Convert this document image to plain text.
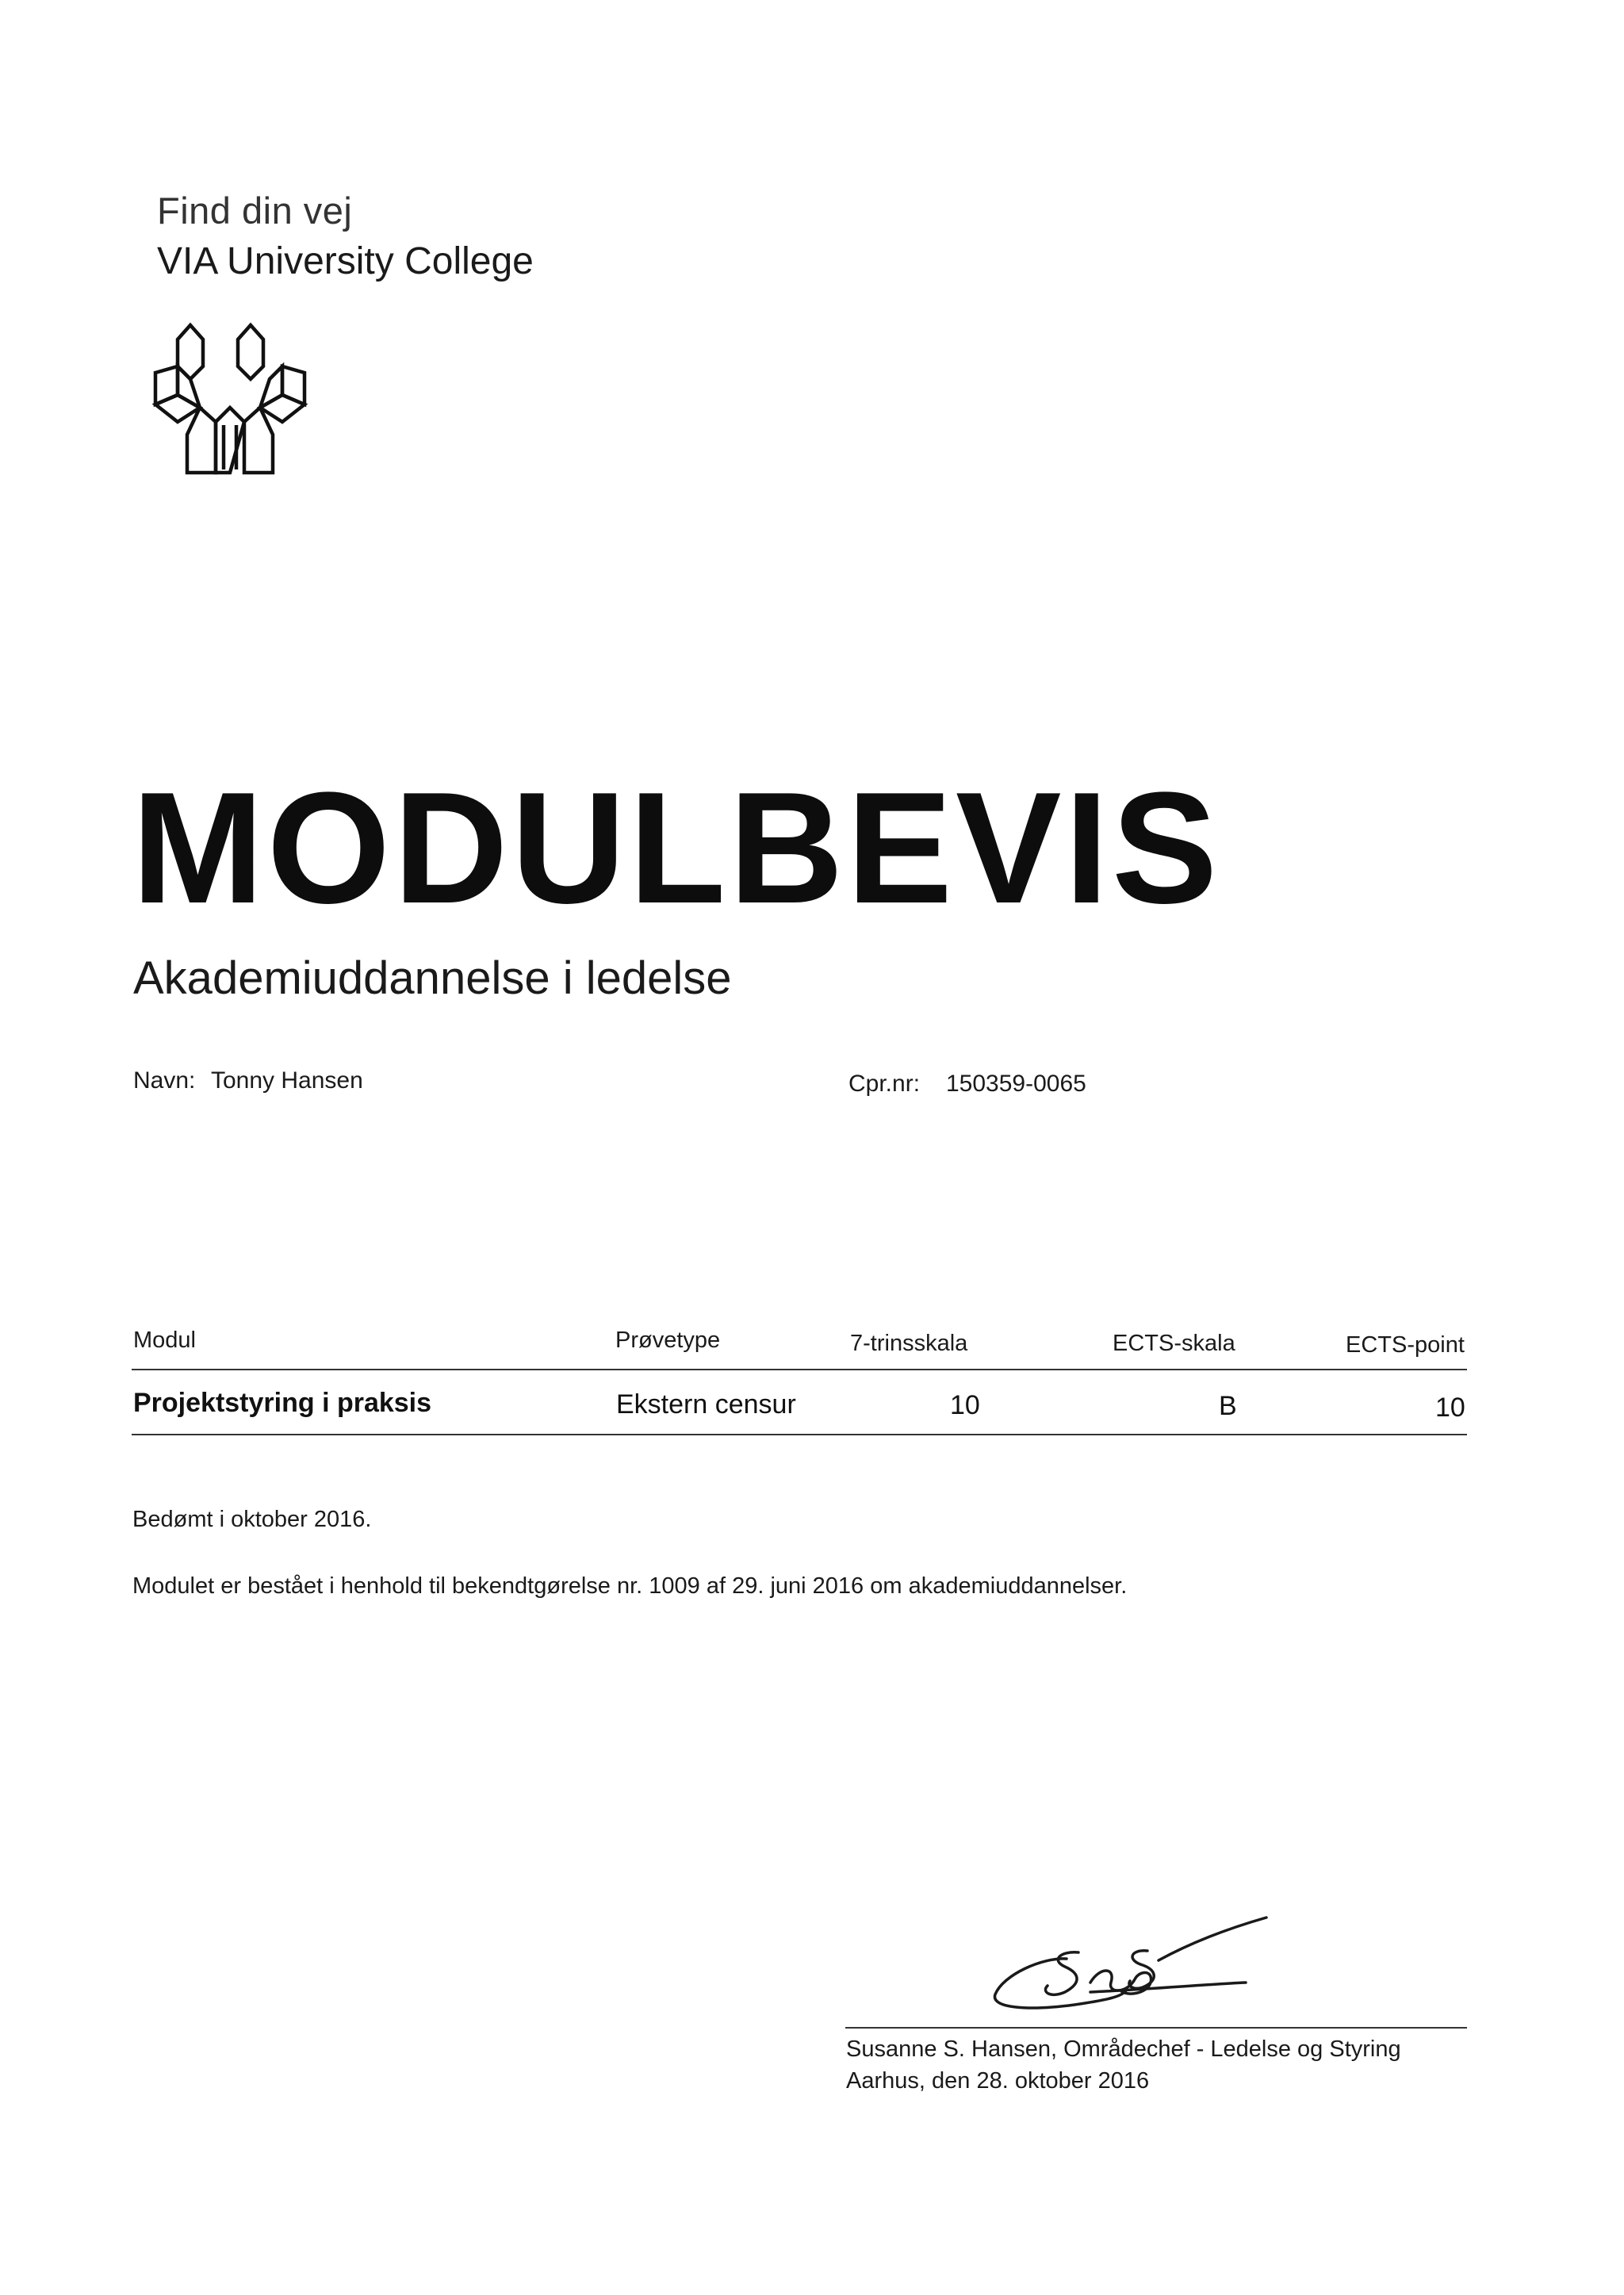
Find din vej
VIA University College
MODULBEVIS
Akademiuddannelse i ledelse
Navn: Tonny Hansen	Cpr.nr: 150359-0065
Modul	Prøvetype	7-trinsskala	ECTS-skala	ECTS-point
Projektstyring i praksis	Ekstern censur	10	B	10
Bedømt i oktober 2016.
Modulet er bestået i henhold til bekendtgørelse nr. 1009 af 29. juni 2016 om akademiuddannelser.
Susanne S. Hansen, Områdechef - Ledelse og Styring
Aarhus, den 28. oktober 2016
